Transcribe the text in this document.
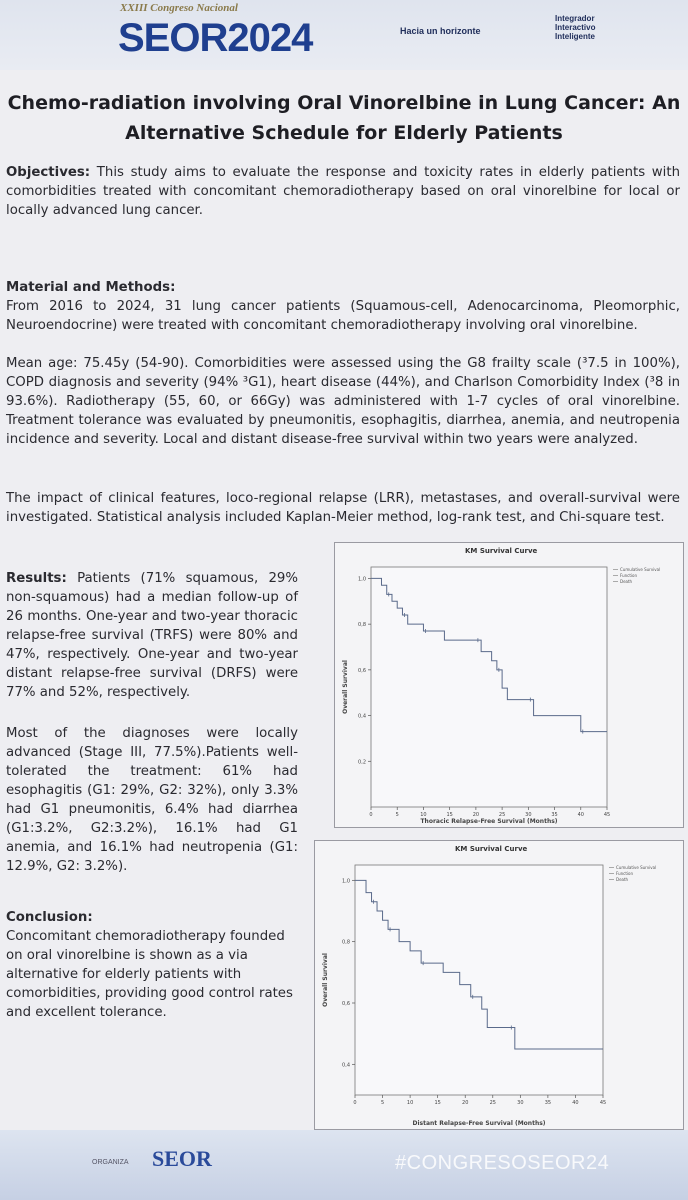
XXIII Congreso Nacional
SEOR2024	Hacia un horizonte
Integrador Interactivo Inteligente
Chemo-radiation involving Oral Vinorelbine in Lung Cancer: An Alternative Schedule for Elderly Patients
Objectives: This study aims to evaluate the response and toxicity rates in elderly patients with comorbidities treated with concomitant chemoradiotherapy based on oral vinorelbine for local or locally advanced lung cancer.
Material and Methods:
From 2016 to 2024, 31 lung cancer patients (Squamous-cell, Adenocarcinoma, Pleomorphic, Neuroendocrine) were treated with concomitant chemoradiotherapy involving oral vinorelbine.
Mean age: 75.45y (54-90). Comorbidities were assessed using the G8 frailty scale (³7.5 in 100%), COPD diagnosis and severity (94% ³G1), heart disease (44%), and Charlson Comorbidity Index (³8 in 93.6%). Radiotherapy (55, 60, or 66Gy) was administered with 1-7 cycles of oral vinorelbine. Treatment tolerance was evaluated by pneumonitis, esophagitis, diarrhea, anemia, and neutropenia incidence and severity. Local and distant disease-free survival within two years were analyzed.
The impact of clinical features, loco-regional relapse (LRR), metastases, and overall-survival were investigated. Statistical analysis included Kaplan-Meier method, log-rank test, and Chi-square test.
Results: Patients (71% squamous, 29% non-squamous) had a median follow-up of 26 months. One-year and two-year thoracic relapse-free survival (TRFS) were 80% and 47%, respectively. One-year and two-year distant relapse-free survival (DRFS) were 77% and 52%, respectively.
Most of the diagnoses were locally advanced (Stage III, 77.5%).Patients well-tolerated the treatment: 61% had esophagitis (G1: 29%, G2: 32%), only 3.3% had G1 pneumonitis, 6.4% had diarrhea (G1:3.2%, G2:3.2%), 16.1% had G1 anemia, and 16.1% had neutropenia (G1: 12.9%, G2: 3.2%).
Conclusion:
Concomitant chemoradiotherapy founded on oral vinorelbine is shown as a via alternative for elderly patients with comorbidities, providing good control rates and excellent tolerance.
KM Survival Curve
1,0
0,8
0,6
0,4
0,2
0	5	10	15	20	25	30	35	40	45
Overall Survival
Thoracic Relapse-Free Survival (Months)
Cumulative Survival
Function
Death
KM Survival Curve
1,0
0,8
0,6
0,4
0	5	10	15	20	25	30	35	40	45
Overall Survival
Distant Relapse-Free Survival (Months)
Cumulative Survival
Function
Death
ORGANIZA SEOR	#CONGRESOSEOR24
